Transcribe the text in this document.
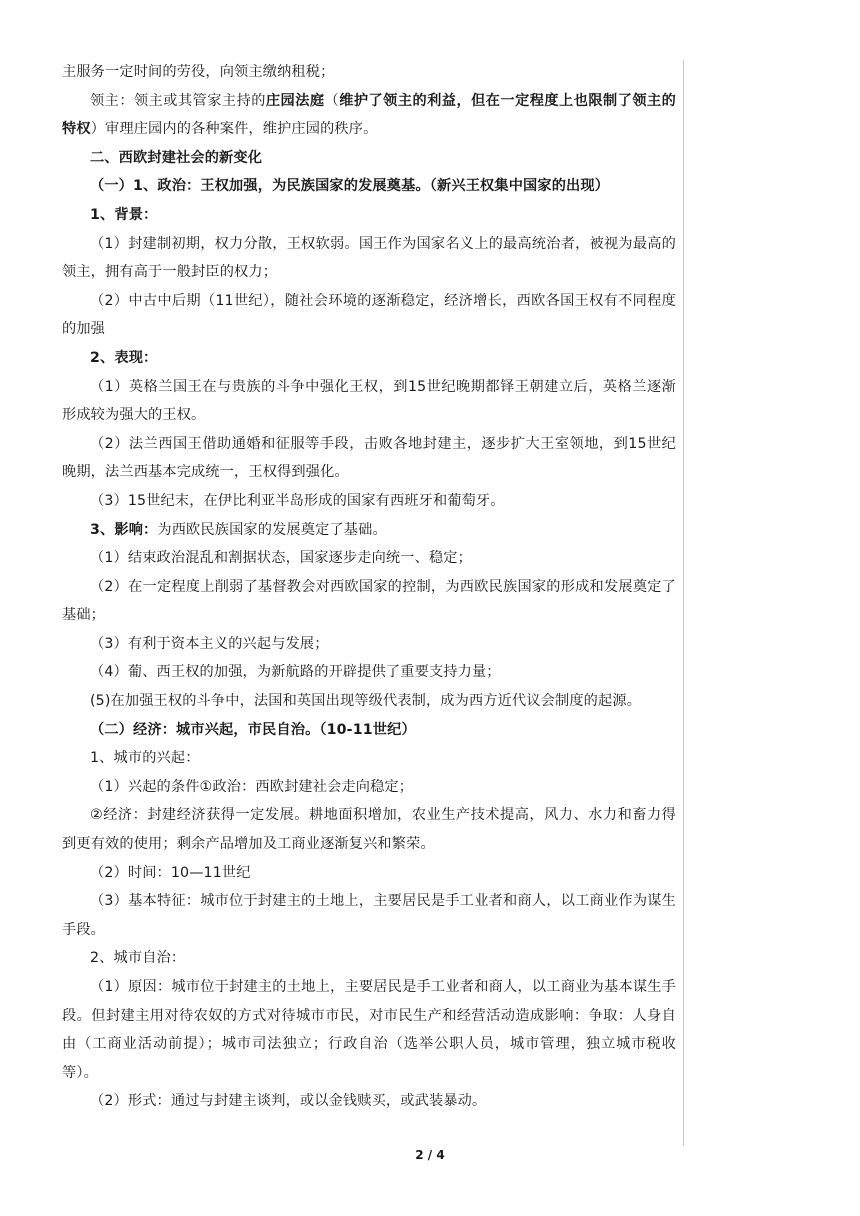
主服务一定时间的劳役，向领主缴纳租税；

领主：领主或其管家主持的庄园法庭（维护了领主的利益，但在一定程度上也限制了领主的特权）审理庄园内的各种案件，维护庄园的秩序。

二、西欧封建社会的新变化

（一）1、政治：王权加强，为民族国家的发展奠基。（新兴王权集中国家的出现）

1、背景：

（1）封建制初期，权力分散，王权软弱。国王作为国家名义上的最高统治者，被视为最高的领主，拥有高于一般封臣的权力；

（2）中古中后期（11世纪），随社会环境的逐渐稳定，经济增长，西欧各国王权有不同程度的加强

2、表现：

（1）英格兰国王在与贵族的斗争中强化王权，到15世纪晚期都铎王朝建立后，英格兰逐渐形成较为强大的王权。

（2）法兰西国王借助通婚和征服等手段，击败各地封建主，逐步扩大王室领地，到15世纪晚期，法兰西基本完成统一，王权得到强化。

（3）15世纪末，在伊比利亚半岛形成的国家有西班牙和葡萄牙。

3、影响：为西欧民族国家的发展奠定了基础。

（1）结束政治混乱和割据状态，国家逐步走向统一、稳定；

（2）在一定程度上削弱了基督教会对西欧国家的控制，为西欧民族国家的形成和发展奠定了基础；

（3）有利于资本主义的兴起与发展；

（4）葡、西王权的加强，为新航路的开辟提供了重要支持力量；

(5)在加强王权的斗争中，法国和英国出现等级代表制，成为西方近代议会制度的起源。

（二）经济：城市兴起，市民自治。（10-11世纪）

1、城市的兴起：

（1）兴起的条件①政治：西欧封建社会走向稳定；

②经济：封建经济获得一定发展。耕地面积增加，农业生产技术提高，风力、水力和畜力得到更有效的使用；剩余产品增加及工商业逐渐复兴和繁荣。

（2）时间：10—11世纪

（3）基本特征：城市位于封建主的土地上，主要居民是手工业者和商人，以工商业作为谋生手段。

2、城市自治：

（1）原因：城市位于封建主的土地上，主要居民是手工业者和商人，以工商业为基本谋生手段。但封建主用对待农奴的方式对待城市市民，对市民生产和经营活动造成影响：争取：人身自由（工商业活动前提）；城市司法独立；行政自治（选举公职人员，城市管理，独立城市税收等）。

（2）形式：通过与封建主谈判，或以金钱赎买，或武装暴动。

2 / 4
